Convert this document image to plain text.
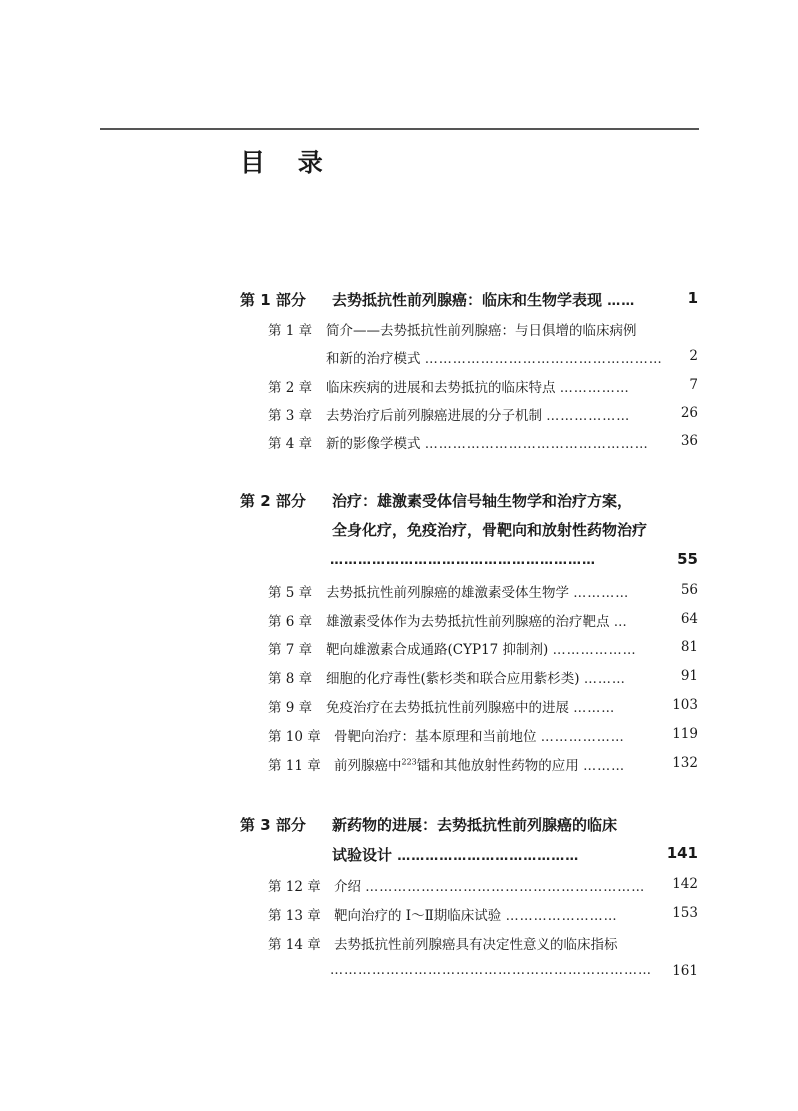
目 录
第 1 部分 去势抵抗性前列腺癌：临床和生物学表现 ……	1
第 1 章 简介——去势抵抗性前列腺癌：与日俱增的临床病例
和新的治疗模式 …………………………………………… 2
第 2 章 临床疾病的进展和去势抵抗的临床特点 ……………	7
第 3 章 去势治疗后前列腺癌进展的分子机制 ………………	26
第 4 章 新的影像学模式 ………………………………………… 36
第 2 部分 治疗：雄激素受体信号轴生物学和治疗方案，
全身化疗，免疫治疗，骨靶向和放射性药物治疗
…………………………………………………	55
第 5 章 去势抵抗性前列腺癌的雄激素受体生物学 …………	56
第 6 章 雄激素受体作为去势抵抗性前列腺癌的治疗靶点 …	64
第 7 章 靶向雄激素合成通路(CYP17 抑制剂) ………………	81
第 8 章 细胞的化疗毒性(紫杉类和联合应用紫杉类) ………	91
第 9 章 免疫治疗在去势抵抗性前列腺癌中的进展 ………	103
第 10 章 骨靶向治疗：基本原理和当前地位 ………………	119
第 11 章 前列腺癌中$^{223}$镭和其他放射性药物的应用 ………	132
第 3 部分 新药物的进展：去势抵抗性前列腺癌的临床
试验设计 …………………………………	141
第 12 章 介绍 …………………………………………………… 142
第 13 章 靶向治疗的 Ⅰ～Ⅱ期临床试验 ……………………	153
第 14 章 去势抵抗性前列腺癌具有决定性意义的临床指标
…………………………………………………………… 161
